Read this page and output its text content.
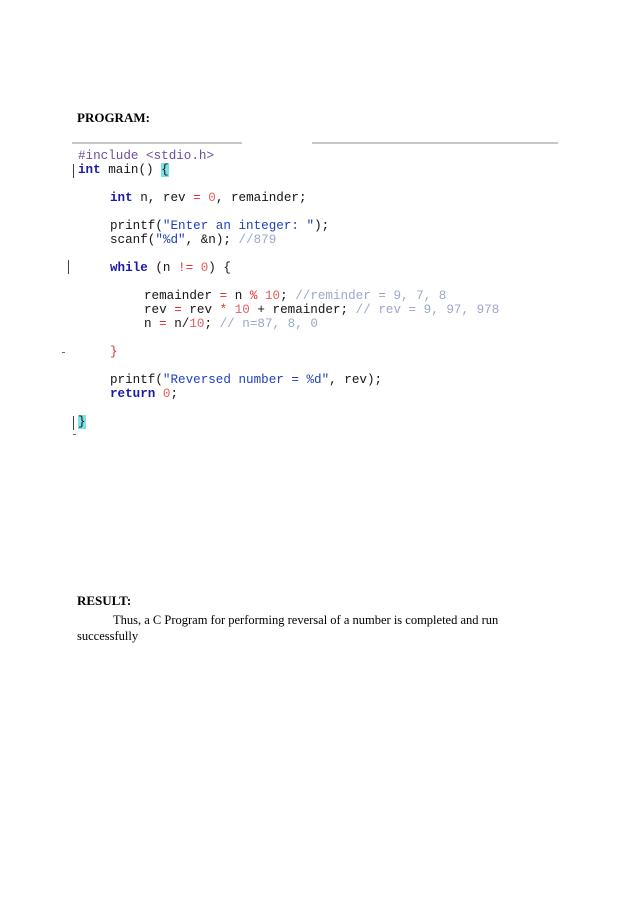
PROGRAM:
#include <stdio.h>
int main() {
int n, rev = 0, remainder;
printf("Enter an integer: ");
scanf("%d", &n); //879
while (n != 0) {
remainder = n % 10; //reminder = 9, 7, 8
rev = rev * 10 + remainder; // rev = 9, 97, 978
n = n/10; // n=87, 8, 0
}
printf("Reversed number = %d", rev);
return 0;
}
RESULT:
Thus, a C Program for performing reversal of a number is completed and run successfully
